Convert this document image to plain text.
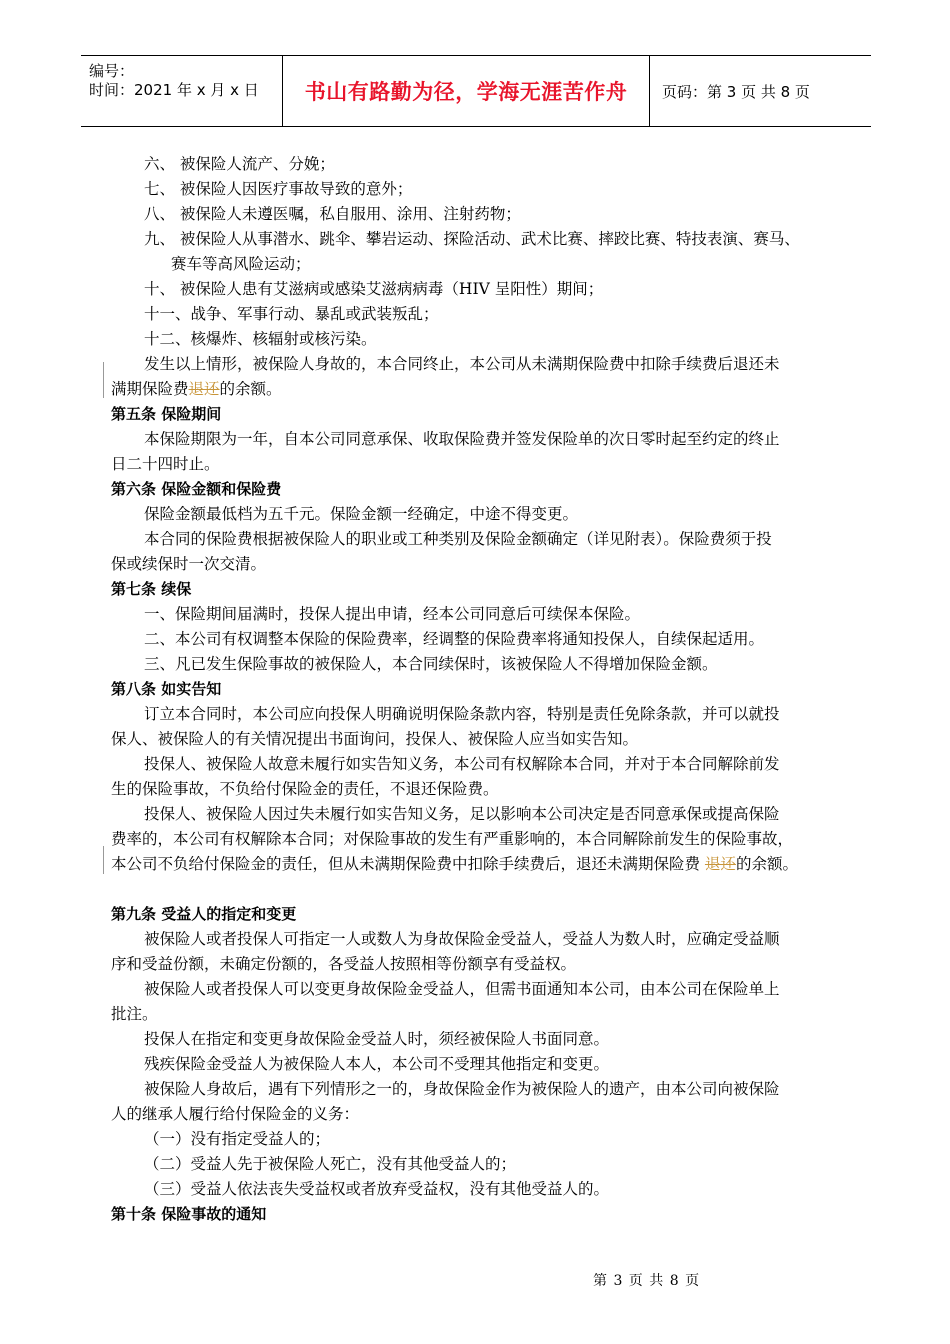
编号：
时间：2021 年 x 月 x 日	书山有路勤为径，学海无涯苦作舟	页码：第 3 页 共 8 页

六、 被保险人流产、分娩；

七、 被保险人因医疗事故导致的意外；

八、 被保险人未遵医嘱，私自服用、涂用、注射药物；

九、 被保险人从事潜水、跳伞、攀岩运动、探险活动、武术比赛、摔跤比赛、特技表演、赛马、

赛车等高风险运动；

十、 被保险人患有艾滋病或感染艾滋病病毒（HIV 呈阳性）期间；

十一、战争、军事行动、暴乱或武装叛乱；

十二、核爆炸、核辐射或核污染。

发生以上情形，被保险人身故的，本合同终止，本公司从未满期保险费中扣除手续费后退还未

满期保险费退还的余额。

第五条 保险期间

本保险期限为一年，自本公司同意承保、收取保险费并签发保险单的次日零时起至约定的终止

日二十四时止。

第六条 保险金额和保险费

保险金额最低档为五千元。保险金额一经确定，中途不得变更。

本合同的保险费根据被保险人的职业或工种类别及保险金额确定（详见附表）。保险费须于投

保或续保时一次交清。

第七条 续保

一、保险期间届满时，投保人提出申请，经本公司同意后可续保本保险。

二、本公司有权调整本保险的保险费率，经调整的保险费率将通知投保人，自续保起适用。

三、凡已发生保险事故的被保险人，本合同续保时，该被保险人不得增加保险金额。

第八条 如实告知

订立本合同时，本公司应向投保人明确说明保险条款内容，特别是责任免除条款，并可以就投

保人、被保险人的有关情况提出书面询问，投保人、被保险人应当如实告知。

投保人、被保险人故意未履行如实告知义务，本公司有权解除本合同，并对于本合同解除前发

生的保险事故，不负给付保险金的责任，不退还保险费。

投保人、被保险人因过失未履行如实告知义务，足以影响本公司决定是否同意承保或提高保险

费率的，本公司有权解除本合同；对保险事故的发生有严重影响的，本合同解除前发生的保险事故，

本公司不负给付保险金的责任，但从未满期保险费中扣除手续费后，退还未满期保险费 退还的余额。

第九条 受益人的指定和变更

被保险人或者投保人可指定一人或数人为身故保险金受益人，受益人为数人时，应确定受益顺

序和受益份额，未确定份额的，各受益人按照相等份额享有受益权。

被保险人或者投保人可以变更身故保险金受益人，但需书面通知本公司，由本公司在保险单上

批注。

投保人在指定和变更身故保险金受益人时，须经被保险人书面同意。

残疾保险金受益人为被保险人本人，本公司不受理其他指定和变更。

被保险人身故后，遇有下列情形之一的，身故保险金作为被保险人的遗产，由本公司向被保险

人的继承人履行给付保险金的义务：

（一）没有指定受益人的；

（二）受益人先于被保险人死亡，没有其他受益人的；

（三）受益人依法丧失受益权或者放弃受益权，没有其他受益人的。

第十条 保险事故的通知

第 3 页 共 8 页
